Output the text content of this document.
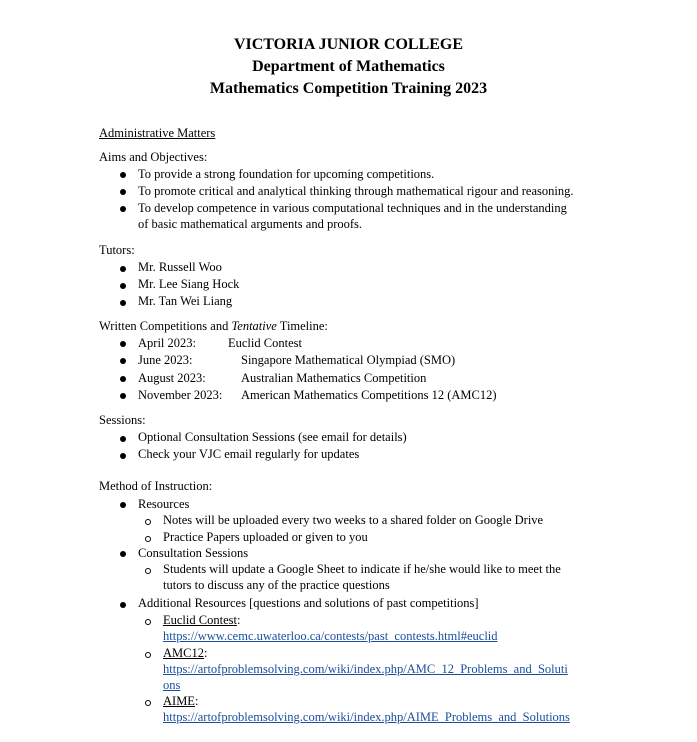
VICTORIA JUNIOR COLLEGE
Department of Mathematics
Mathematics Competition Training 2023
Administrative Matters
Aims and Objectives:
To provide a strong foundation for upcoming competitions.
To promote critical and analytical thinking through mathematical rigour and reasoning.
To develop competence in various computational techniques and in the understanding
of basic mathematical arguments and proofs.
Tutors:
Mr. Russell Woo
Mr. Lee Siang Hock
Mr. Tan Wei Liang
Written Competitions and Tentative Timeline:
April 2023:	Euclid Contest
June 2023:	Singapore Mathematical Olympiad (SMO)
August 2023:	Australian Mathematics Competition
November 2023: American Mathematics Competitions 12 (AMC12)
Sessions:
Optional Consultation Sessions (see email for details)
Check your VJC email regularly for updates
Method of Instruction:
Resources
Notes will be uploaded every two weeks to a shared folder on Google Drive
Practice Papers uploaded or given to you
Consultation Sessions
Students will update a Google Sheet to indicate if he/she would like to meet the
tutors to discuss any of the practice questions
Additional Resources [questions and solutions of past competitions]
Euclid Contest:
https://www.cemc.uwaterloo.ca/contests/past_contests.html#euclid
AMC12:
https://artofproblemsolving.com/wiki/index.php/AMC_12_Problems_and_Soluti
ons
AIME:
https://artofproblemsolving.com/wiki/index.php/AIME_Problems_and_Solutions
